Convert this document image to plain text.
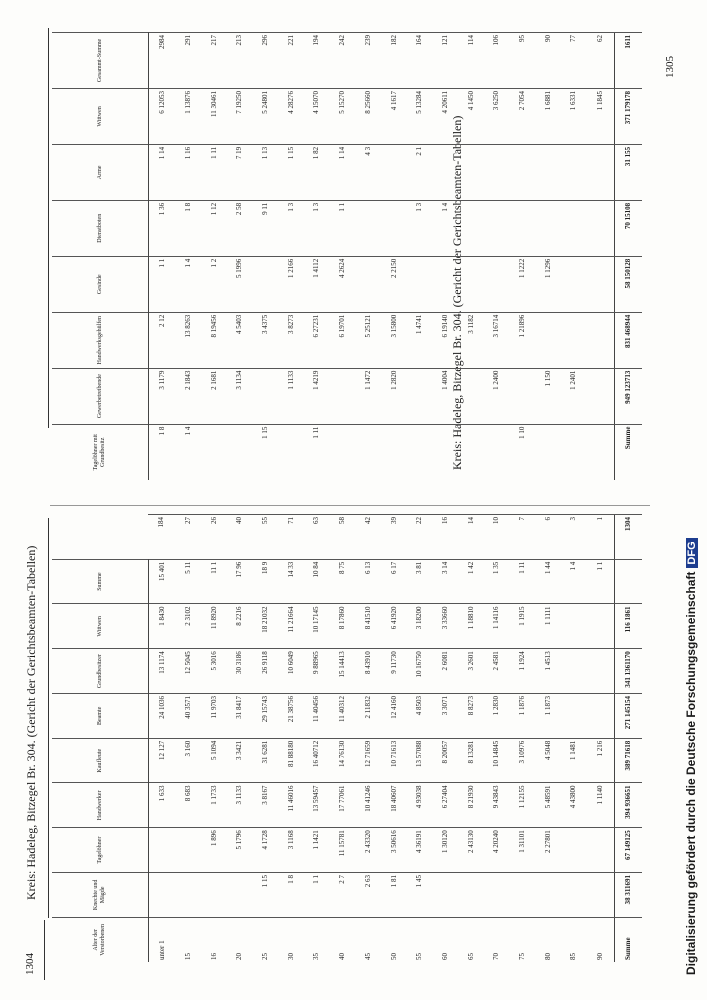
1304
Kreis: Hadeleg, Bitzegel Br. 304. (Gericht der Gerichtsbeamten-Tabellen)
1305
Kreis: Hadeleg, Bitzegel Br. 304. (Gericht der Gerichtsbeamten-Tabellen)
Digitalisierung gefördert durch die Deutsche ForschungsgemeinschaftDFG
Alter der Verstorbenen	Knechte und Mägde	Tagelöhner	Handwerker	Kaufleute	Beamte	Grundbesitzer	Wittwen	Summe	
unter 1			1 633	12 127	24 1036	13 1174	1 8430	15 401	184
15			8 683	3 160	40 3571	12 5045	2 3102	5 11	27
16		1 896	1 1733	5 1094	11 9703	5 3016	11 8920	11 1	26
20		5 1796	3 1133	3 3421	31 8417	30 3186	8 2216	17 96	40
25	1 15	4 1728	3 8167	31 6281	29 15743	26 9118	18 21032	18 9	55
30	1 8	3 1168	11 46016	81 88180	21 38756	10 6049	11 21664	14 33	71
35	1 1	1 1421	13 59457	16 40712	11 40456	9 88965	10 17145	10 84	63
40	2 7	11 15781	17 77061	14 76130	11 40312	15 14413	8 17860	8 75	58
45	2 63	2 43320	10 41246	12 71659	2 11832	8 43910	8 41510	6 13	42
50	1 81	3 50616	18 40607	10 71613	12 4160	9 11730	6 41920	6 17	39
55	1 45	4 36191	4 93038	13 57088	4 8503	10 16750	3 18200	3 81	22
60		1 30120	6 27404	8 20057	3 3071	2 6081	3 33660	3 14	16
65		2 43130	8 21930	8 13281	8 8273	3 2601	1 18810	1 42	14
70		4 20240	9 43843	10 14845	1 2830	2 4581	1 14116	1 35	10
75		1 31101	1 12155	3 10976	1 1876	1 1924	1 1915	1 11	7
80		2 27801	5 48591	4 5048	1 1873	1 4513	1 1111	1 44	6
85			4 43800	1 1481				1 4	3
90			1 1140	1 216				1 1	1
Summe	38 311691	67 149125	394 936651	389 71618	271 145154	341 1361170	116 1861		1304
Tagelöhner mit Grundbesitz	Gewerbetreibende	Handwerksgehülfen	Gesinde	Dienstboten	Arme	Wittwen	Gesammt-Summe
1 8	3 1179	2 12	1 1	1 36	1 14	6 12053	2984
1 4	2 1843	13 8263	1 4	1 8	1 16	1 13876	291
	2 1681	8 19456	1 2	1 12	1 11	11 30461	217
	3 1134	4 5403	5 1996	2 58	7 19	7 19250	213
1 15		3 4375		9 11	1 13	5 24801	296
	1 1133	3 8273	1 2166	1 3	1 15	4 28276	221
1 11	1 4219	6 27231	1 4112	1 3	1 82	4 15070	194
		6 19701	4 2624	1 1	1 14	5 15270	242
	1 1472	5 25121			4 3	8 25660	239
	1 2820	3 15800	2 2150			4 1617	182
		1 4741		1 3	2 1	5 13284	164
	1 4004	6 19140		1 4		4 20611	121
		3 1182				4 1450	114
	1 2400	3 16714				3 6250	106
1 10		1 21896	1 1222			2 7054	95
	1 150		1 1296			1 6881	90
	1 2401					1 6331	77
						1 1845	62
Summe	949 123713	831 468944	58 150128	70 15108	31 155	371 179178	1611
